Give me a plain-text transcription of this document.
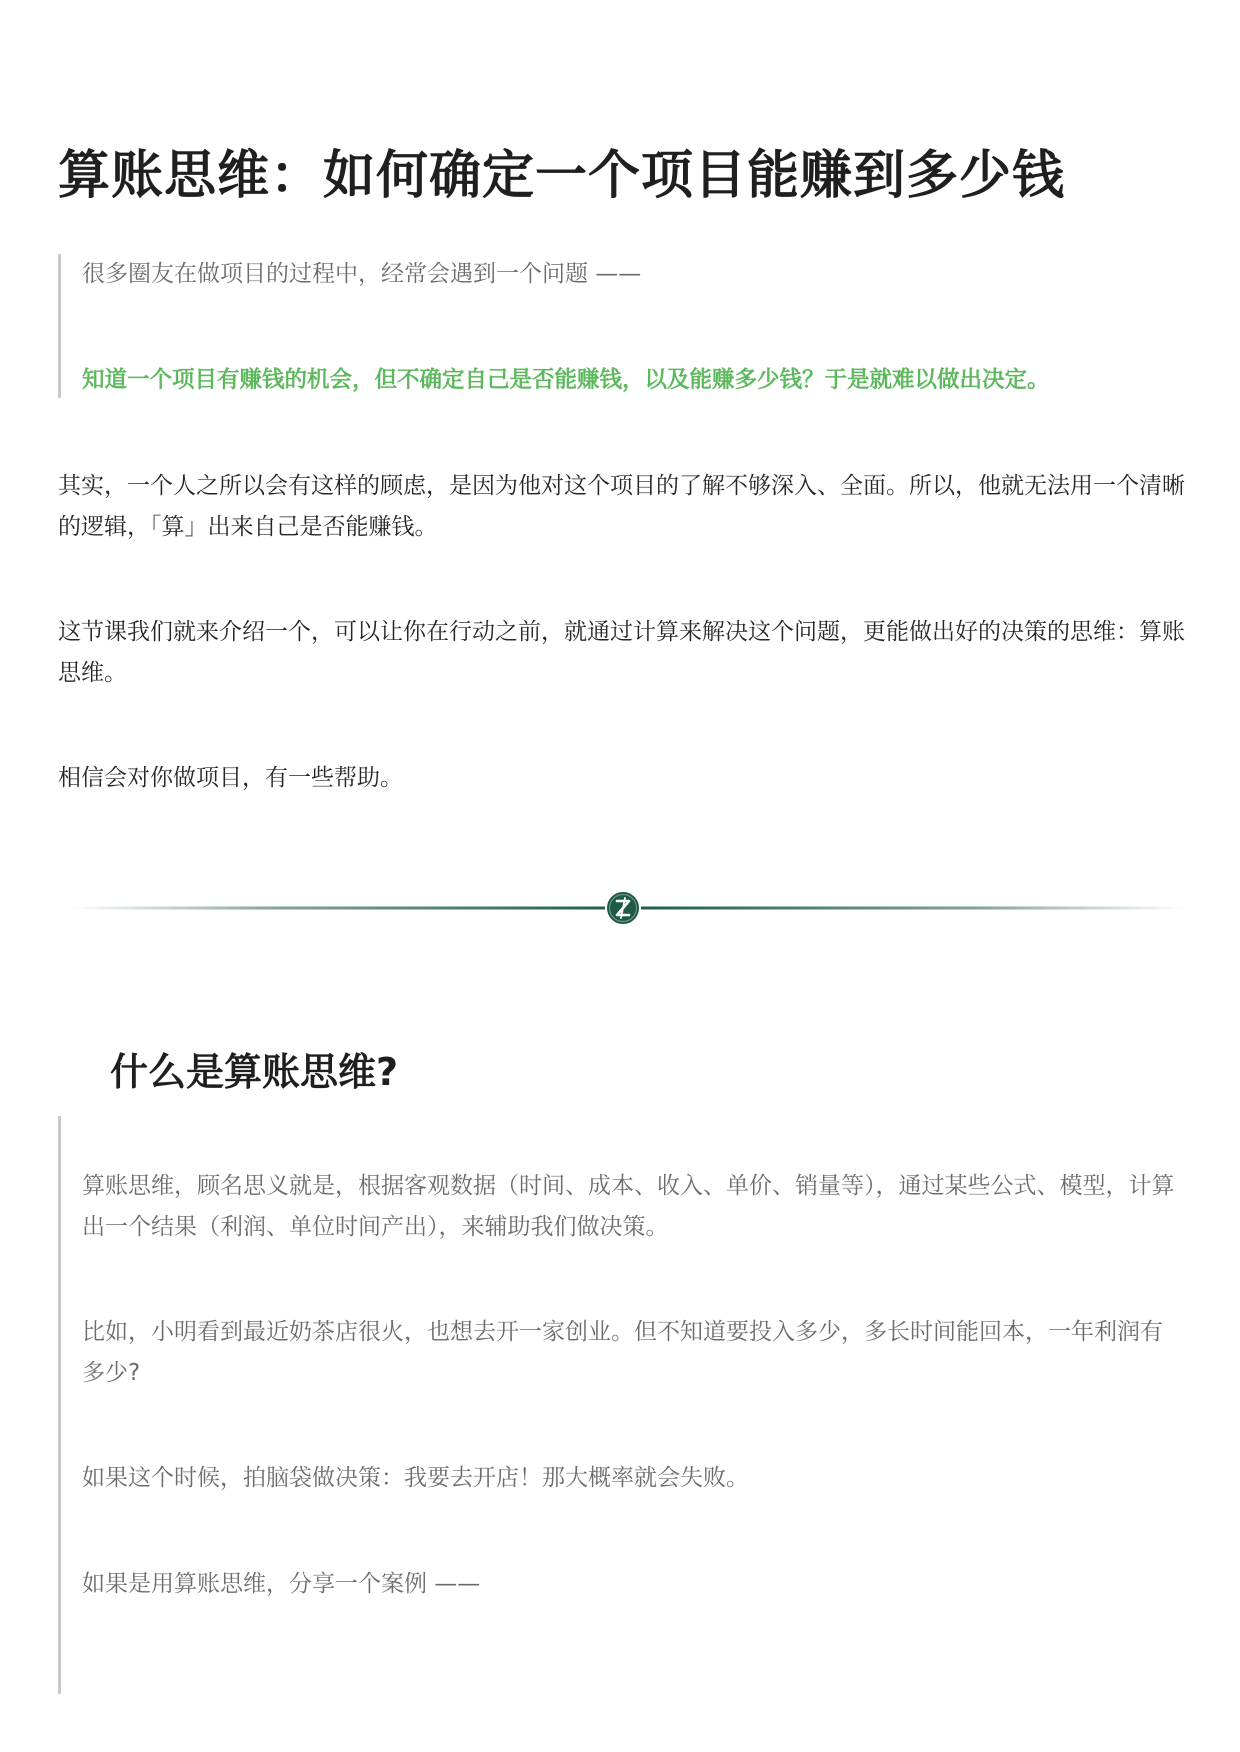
算账思维：如何确定一个项目能赚到多少钱
很多圈友在做项目的过程中，经常会遇到一个问题 ——
知道一个项目有赚钱的机会，但不确定自己是否能赚钱，以及能赚多少钱？于是就难以做出决定。

其实，一个人之所以会有这样的顾虑，是因为他对这个项目的了解不够深入、全面。所以，他就无法用一个清晰的逻辑，「算」出来自己是否能赚钱。

这节课我们就来介绍一个，可以让你在行动之前，就通过计算来解决这个问题，更能做出好的决策的思维：算账思维。

相信会对你做项目，有一些帮助。

什么是算账思维?

算账思维，顾名思义就是，根据客观数据（时间、成本、收入、单价、销量等），通过某些公式、模型，计算出一个结果（利润、单位时间产出），来辅助我们做决策。

比如，小明看到最近奶茶店很火，也想去开一家创业。但不知道要投入多少，多长时间能回本，一年利润有多少?

如果这个时候，拍脑袋做决策：我要去开店！那大概率就会失败。

如果是用算账思维，分享一个案例 ——
